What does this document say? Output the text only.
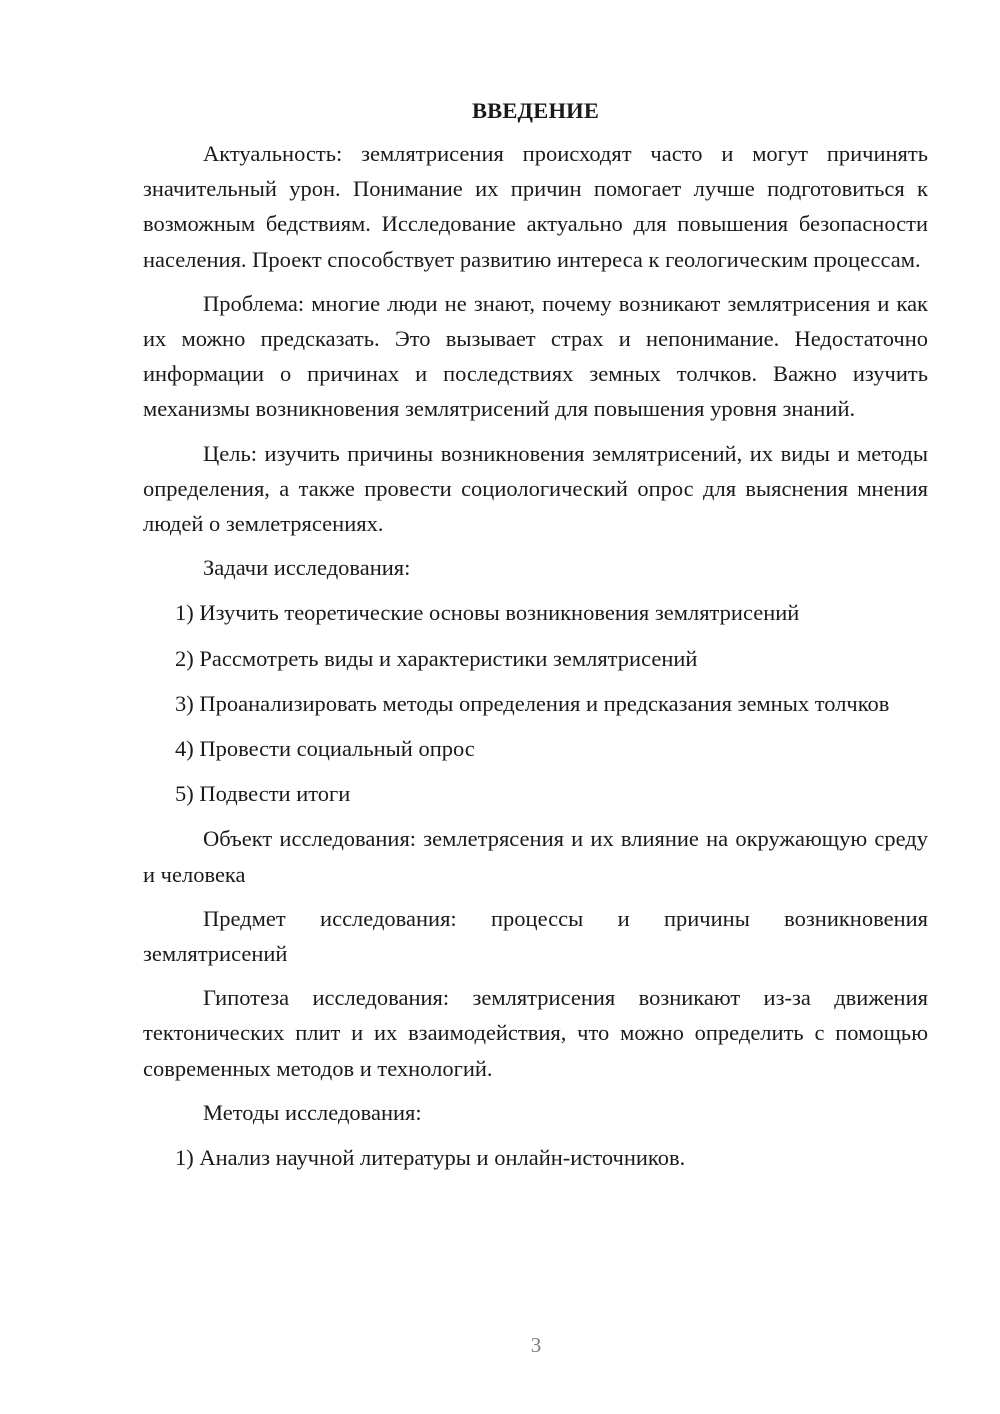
ВВЕДЕНИЕ

Актуальность: землятрисения происходят часто и могут причинять значительный урон. Понимание их причин помогает лучше подготовиться к возможным бедствиям. Исследование актуально для повышения безопасности населения. Проект способствует развитию интереса к геологическим процессам.

Проблема: многие люди не знают, почему возникают землятрисения и как их можно предсказать. Это вызывает страх и непонимание. Недостаточно информации о причинах и последствиях земных толчков. Важно изучить механизмы возникновения землятрисений для повышения уровня знаний.

Цель: изучить причины возникновения землятрисений, их виды и методы определения, а также провести социологический опрос для выяснения мнения людей о землетрясениях.

Задачи исследования:

1) Изучить теоретические основы возникновения землятрисений

2) Рассмотреть виды и характеристики землятрисений

3) Проанализировать методы определения и предсказания земных толчков

4) Провести социальный опрос

5) Подвести итоги

Объект исследования: землетрясения и их влияние на окружающую среду и человека

Предмет исследования: процессы и причины возникновения землятрисений

Гипотеза исследования: землятрисения возникают из-за движения тектонических плит и их взаимодействия, что можно определить с помощью современных методов и технологий.

Методы исследования:

1) Анализ научной литературы и онлайн-источников.

3
